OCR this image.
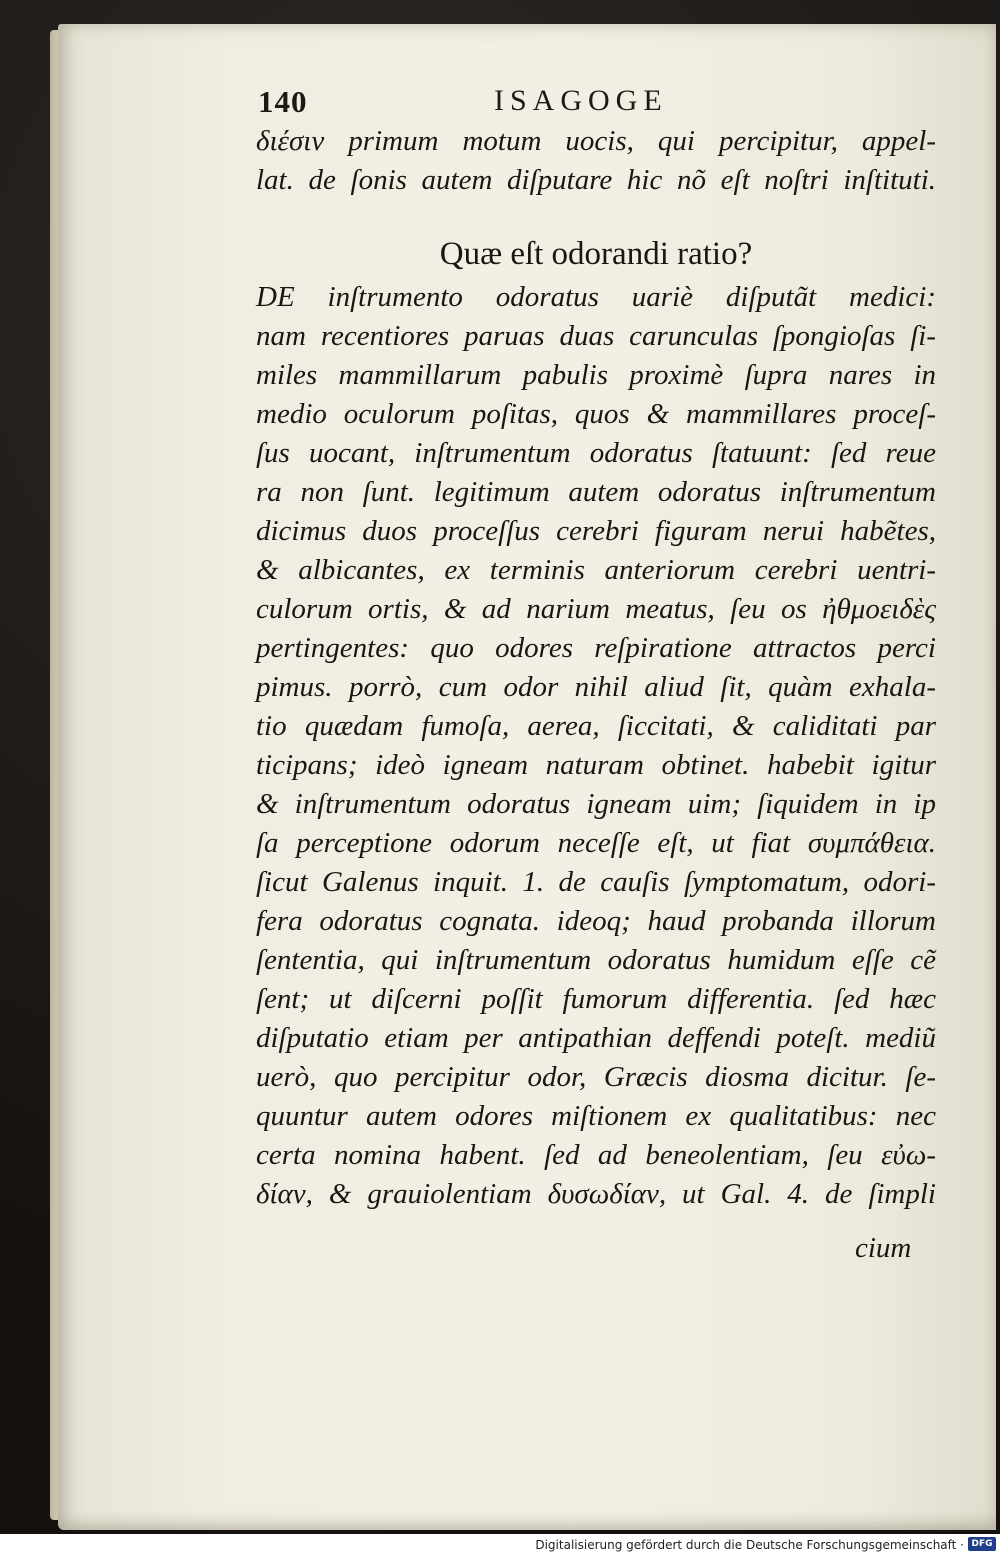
140	ISAGOGE
διέσιν primum motum uocis, qui percipitur, appel-
lat. de ſonis autem diſputare hic nõ eſt noſtri inſtituti.
Quæ eſt odorandi ratio?
DE inſtrumento odoratus uariè diſputãt medici:
nam recentiores paruas duas carunculas ſpongioſas ſi-
miles mammillarum pabulis proximè ſupra nares in
medio oculorum poſitas, quos & mammillares proceſ-
ſus uocant, inſtrumentum odoratus ſtatuunt: ſed reue
ra non ſunt. legitimum autem odoratus inſtrumentum
dicimus duos proceſſus cerebri figuram nerui habẽtes,
& albicantes, ex terminis anteriorum cerebri uentri-
culorum ortis, & ad narium meatus, ſeu os ἠθμοειδὲς
pertingentes: quo odores reſpiratione attractos perci
pimus. porrò, cum odor nihil aliud ſit, quàm exhala-
tio quædam fumoſa, aerea, ſiccitati, & caliditati par
ticipans; ideò igneam naturam obtinet. habebit igitur
& inſtrumentum odoratus igneam uim; ſiquidem in ip
ſa perceptione odorum neceſſe eſt, ut fiat συμπάθεια.
ſicut Galenus inquit. 1. de cauſis ſymptomatum, odori-
fera odoratus cognata. ideoq; haud probanda illorum
ſententia, qui inſtrumentum odoratus humidum eſſe cẽ
ſent; ut diſcerni poſſit fumorum differentia. ſed hæc
diſputatio etiam per antipathian deffendi poteſt. mediũ
uerò, quo percipitur odor, Græcis diosma dicitur. ſe-
quuntur autem odores miſtionem ex qualitatibus: nec
certa nomina habent. ſed ad beneolentiam, ſeu εὐω-
δίαν, & grauiolentiam δυσωδίαν, ut Gal. 4. de ſimpli
cium
Digitalisierung gefördert durch die Deutsche Forschungsgemeinschaft · DFG
